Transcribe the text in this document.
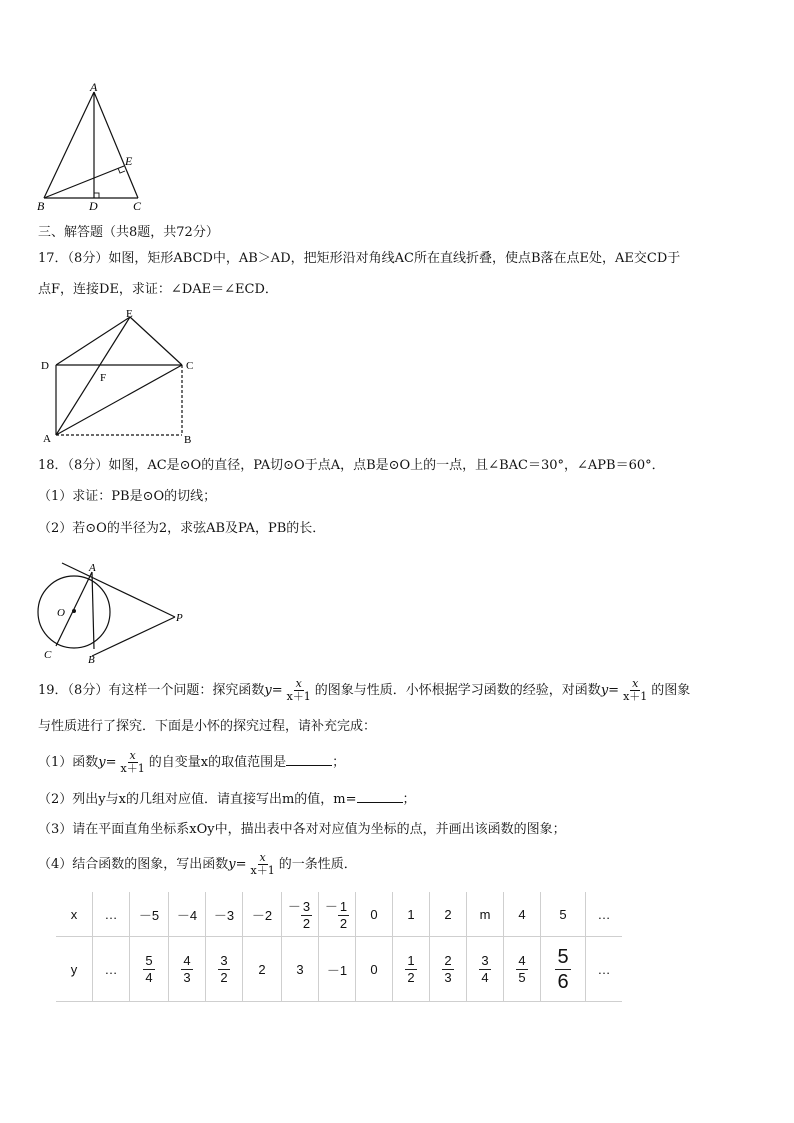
A
B	D	C
E
三、解答题（共8题，共72分）
17．（8分）如图，矩形ABCD中，AB＞AD，把矩形沿对角线AC所在直线折叠，使点B落在点E处，AE交CD于
点F，连接DE，求证：∠DAE＝∠ECD．
E
D	C
F
A	B
18．（8分）如图，AC是⊙O的直径，PA切⊙O于点A，点B是⊙O上的一点，且∠BAC＝30°，∠APB＝60°．
（1）求证：PB是⊙O的切线；
（2）若⊙O的半径为2，求弦AB及PA，PB的长．
A
O	P
C	B
19．（8分）有这样一个问题：探究函数$y= \frac{x}{x+1}$ 的图象与性质．小怀根据学习函数的经验，对函数$y= \frac{x}{x+1}$ 的图象
与性质进行了探究．下面是小怀的探究过程，请补充完成：
（1）函数$y= \frac{x}{x+1}$ 的自变量x的取值范围是	；
（2）列出y与x的几组对应值．请直接写出m的值，m=	；
（3）请在平面直角坐标系xOy中，描出表中各对对应值为坐标的点，并画出该函数的图象；
（4）结合函数的图象，写出函数$y= \frac{x}{x+1}$ 的一条性质．
x	…	－5	－4	－3	－2	－ $\frac{3}{2}$	－ $\frac{1}{2}$	0	1	2	m	4	5	…
y	…	$\frac{5}{4}$	$\frac{4}{3}$	$\frac{3}{2}$	2	3	－1	0	$\frac{1}{2}$	$\frac{2}{3}$	$\frac{3}{4}$	$\frac{4}{5}$	$\frac{5}{6}$	…
